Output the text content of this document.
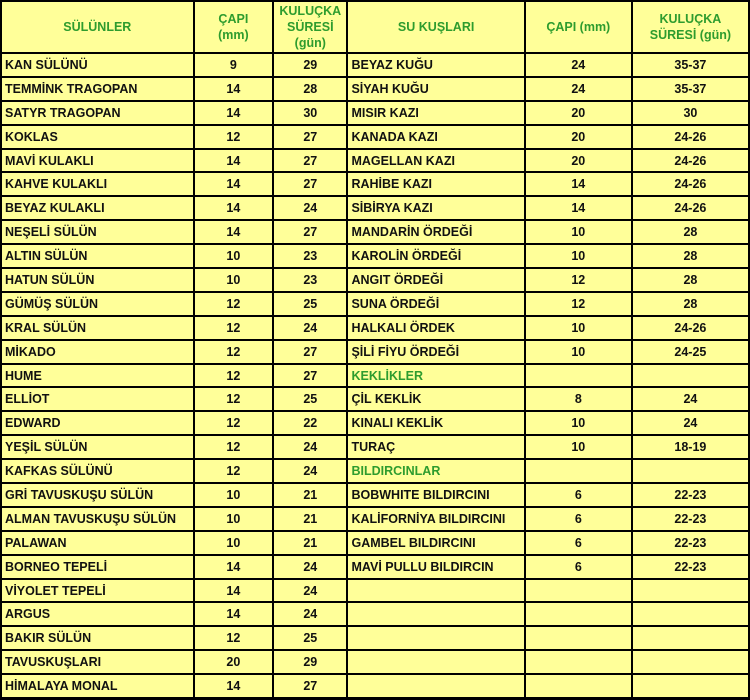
SÜLÜNLER	ÇAPI
(mm)	KULUÇKA
SÜRESİ
(gün)	SU KUŞLARI	ÇAPI (mm)	KULUÇKA
SÜRESİ (gün)
KAN SÜLÜNÜ	9	29	BEYAZ KUĞU	24	35-37
TEMMİNK TRAGOPAN	14	28	SİYAH KUĞU	24	35-37
SATYR TRAGOPAN	14	30	MISIR KAZI	20	30
KOKLAS	12	27	KANADA KAZI	20	24-26
MAVİ KULAKLI	14	27	MAGELLAN KAZI	20	24-26
KAHVE KULAKLI	14	27	RAHİBE KAZI	14	24-26
BEYAZ KULAKLI	14	24	SİBİRYA KAZI	14	24-26
NEŞELİ SÜLÜN	14	27	MANDARİN ÖRDEĞİ	10	28
ALTIN SÜLÜN	10	23	KAROLİN ÖRDEĞİ	10	28
HATUN SÜLÜN	10	23	ANGIT ÖRDEĞİ	12	28
GÜMÜŞ SÜLÜN	12	25	SUNA ÖRDEĞİ	12	28
KRAL SÜLÜN	12	24	HALKALI ÖRDEK	10	24-26
MİKADO	12	27	ŞİLİ FİYU ÖRDEĞİ	10	24-25
HUME	12	27	KEKLİKLER		
ELLİOT	12	25	ÇİL KEKLİK	8	24
EDWARD	12	22	KINALI KEKLİK	10	24
YEŞİL SÜLÜN	12	24	TURAÇ	10	18-19
KAFKAS SÜLÜNÜ	12	24	BILDIRCINLAR		
GRİ TAVUSKUŞU SÜLÜN	10	21	BOBWHITE BILDIRCINI	6	22-23
ALMAN TAVUSKUŞU SÜLÜN	10	21	KALİFORNİYA BILDIRCINI	6	22-23
PALAWAN	10	21	GAMBEL BILDIRCINI	6	22-23
BORNEO TEPELİ	14	24	MAVİ PULLU BILDIRCIN	6	22-23
VİYOLET TEPELİ	14	24			
ARGUS	14	24			
BAKIR SÜLÜN	12	25			
TAVUSKUŞLARI	20	29			
HİMALAYA MONAL	14	27			
